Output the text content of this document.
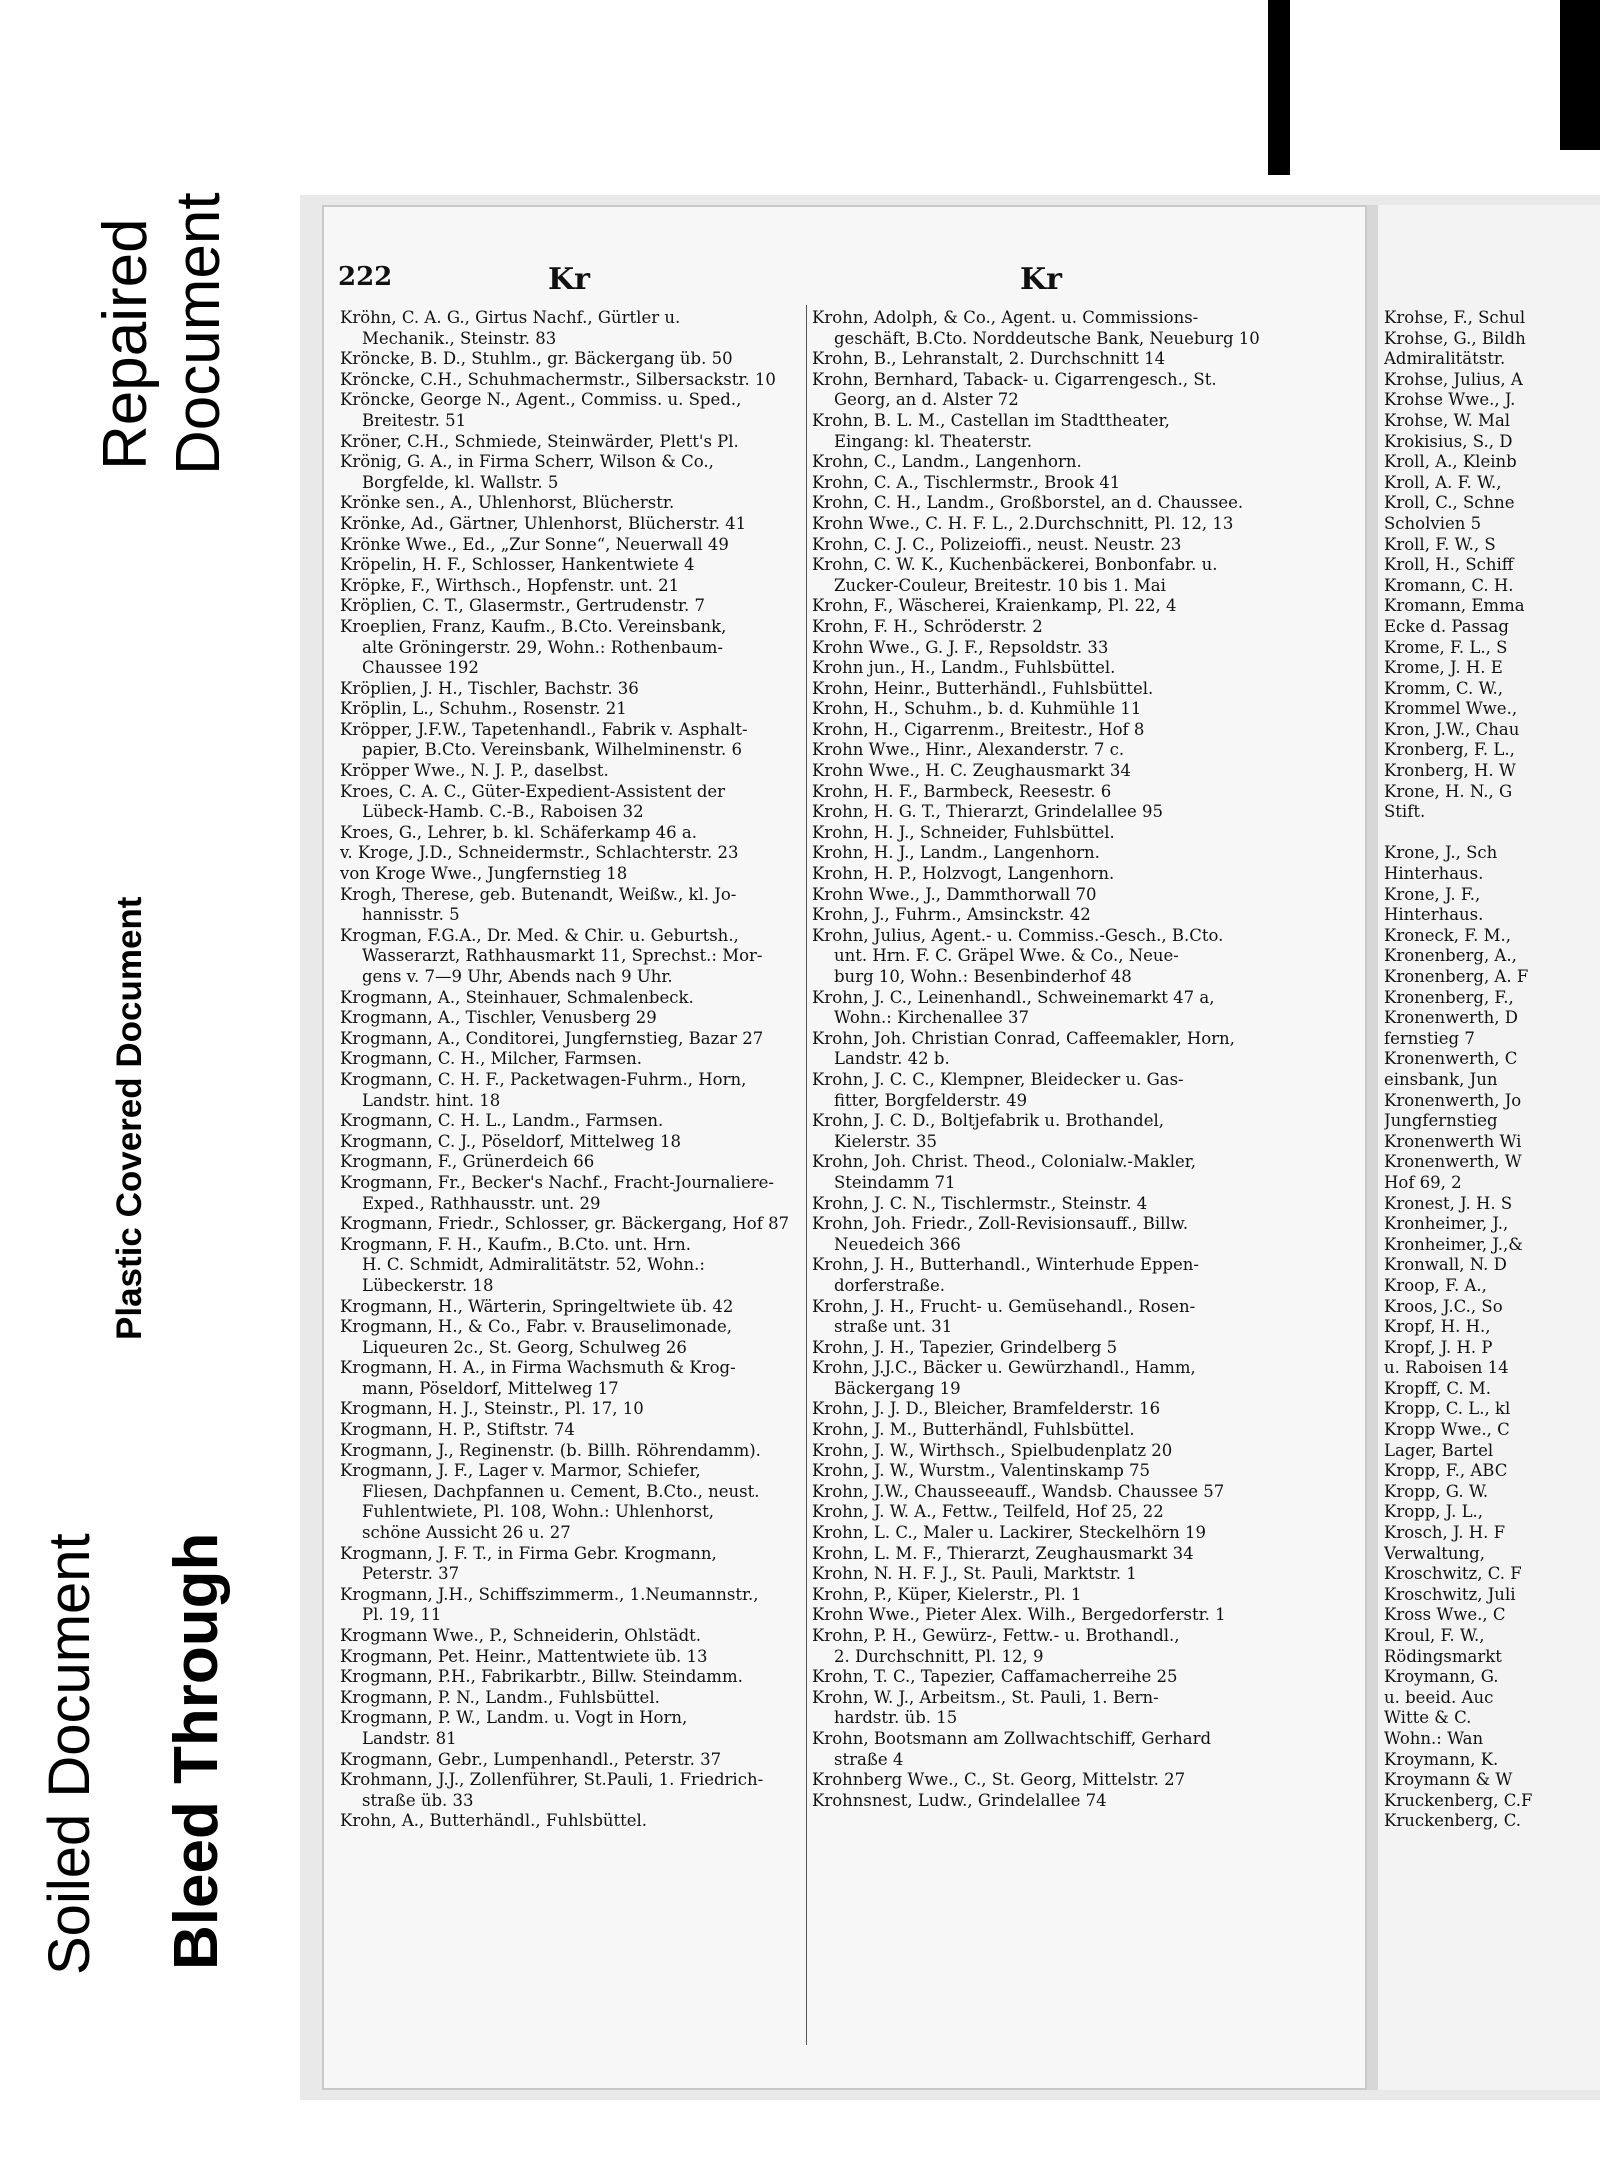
Repaired Document
Plastic Covered Document
Soiled Document Bleed Through
Krohse, F., Schul
Krohse, G., Bildh
Admiralitätstr.
Krohse, Julius, A
Krohse Wwe., J.
Krohse, W. Mal
Krokisius, S., D
Kroll, A., Kleinb
Kroll, A. F. W.,
Kroll, C., Schne
Scholvien 5
Kroll, F. W., S
Kroll, H., Schiff
Kromann, C. H.
Kromann, Emma
Ecke d. Passag
Krome, F. L., S
Krome, J. H. E
Kromm, C. W.,
Krommel Wwe.,
Kron, J.W., Chau
Kronberg, F. L.,
Kronberg, H. W
Krone, H. N., G
Stift.

Krone, J., Sch
Hinterhaus.
Krone, J. F.,
Hinterhaus.
Kroneck, F. M.,
Kronenberg, A.,
Kronenberg, A. F
Kronenberg, F.,
Kronenwerth, D
fernstieg 7
Kronenwerth, C
einsbank, Jun
Kronenwerth, Jo
Jungfernstieg
Kronenwerth Wi
Kronenwerth, W
Hof 69, 2
Kronest, J. H. S
Kronheimer, J.,
Kronheimer, J.,&
Kronwall, N. D
Kroop, F. A.,
Kroos, J.C., So
Kropf, H. H.,
Kropf, J. H. P
u. Raboisen 14
Kropff, C. M.
Kropp, C. L., kl
Kropp Wwe., C
Lager, Bartel
Kropp, F., ABC
Kropp, G. W.
Kropp, J. L.,
Krosch, J. H. F
Verwaltung,
Kroschwitz, C. F
Kroschwitz, Juli
Kross Wwe., C
Kroul, F. W.,
Rödingsmarkt
Kroymann, G.
u. beeid. Auc
Witte & C.
Wohn.: Wan
Kroymann, K.
Kroymann & W
Kruckenberg, C.F
Kruckenberg, C.
222	Kr	Kr
Kröhn, C. A. G., Girtus Nachf., Gürtler u.
Mechanik., Steinstr. 83
Kröncke, B. D., Stuhlm., gr. Bäckergang üb. 50
Kröncke, C.H., Schuhmachermstr., Silbersackstr. 10
Kröncke, George N., Agent., Commiss. u. Sped.,
Breitestr. 51
Kröner, C.H., Schmiede, Steinwärder, Plett's Pl.
Krönig, G. A., in Firma Scherr, Wilson & Co.,
Borgfelde, kl. Wallstr. 5
Krönke sen., A., Uhlenhorst, Blücherstr.
Krönke, Ad., Gärtner, Uhlenhorst, Blücherstr. 41
Krönke Wwe., Ed., „Zur Sonne“, Neuerwall 49
Kröpelin, H. F., Schlosser, Hankentwiete 4
Kröpke, F., Wirthsch., Hopfenstr. unt. 21
Kröplien, C. T., Glasermstr., Gertrudenstr. 7
Kroeplien, Franz, Kaufm., B.Cto. Vereinsbank,
alte Gröningerstr. 29, Wohn.: Rothenbaum-
Chaussee 192
Kröplien, J. H., Tischler, Bachstr. 36
Kröplin, L., Schuhm., Rosenstr. 21
Kröpper, J.F.W., Tapetenhandl., Fabrik v. Asphalt-
papier, B.Cto. Vereinsbank, Wilhelminenstr. 6
Kröpper Wwe., N. J. P., daselbst.
Kroes, C. A. C., Güter-Expedient-Assistent der
Lübeck-Hamb. C.-B., Raboisen 32
Kroes, G., Lehrer, b. kl. Schäferkamp 46 a.
v. Kroge, J.D., Schneidermstr., Schlachterstr. 23
von Kroge Wwe., Jungfernstieg 18
Krogh, Therese, geb. Butenandt, Weißw., kl. Jo-
hannisstr. 5
Krogman, F.G.A., Dr. Med. & Chir. u. Geburtsh.,
Wasserarzt, Rathhausmarkt 11, Sprechst.: Mor-
gens v. 7—9 Uhr, Abends nach 9 Uhr.
Krogmann, A., Steinhauer, Schmalenbeck.
Krogmann, A., Tischler, Venusberg 29
Krogmann, A., Conditorei, Jungfernstieg, Bazar 27
Krogmann, C. H., Milcher, Farmsen.
Krogmann, C. H. F., Packetwagen-Fuhrm., Horn,
Landstr. hint. 18
Krogmann, C. H. L., Landm., Farmsen.
Krogmann, C. J., Pöseldorf, Mittelweg 18
Krogmann, F., Grünerdeich 66
Krogmann, Fr., Becker's Nachf., Fracht-Journaliere-
Exped., Rathhausstr. unt. 29
Krogmann, Friedr., Schlosser, gr. Bäckergang, Hof 87
Krogmann, F. H., Kaufm., B.Cto. unt. Hrn.
H. C. Schmidt, Admiralitätstr. 52, Wohn.:
Lübeckerstr. 18
Krogmann, H., Wärterin, Springeltwiete üb. 42
Krogmann, H., & Co., Fabr. v. Brauselimonade,
Liqueuren 2c., St. Georg, Schulweg 26
Krogmann, H. A., in Firma Wachsmuth & Krog-
mann, Pöseldorf, Mittelweg 17
Krogmann, H. J., Steinstr., Pl. 17, 10
Krogmann, H. P., Stiftstr. 74
Krogmann, J., Reginenstr. (b. Billh. Röhrendamm).
Krogmann, J. F., Lager v. Marmor, Schiefer,
Fliesen, Dachpfannen u. Cement, B.Cto., neust.
Fuhlentwiete, Pl. 108, Wohn.: Uhlenhorst,
schöne Aussicht 26 u. 27
Krogmann, J. F. T., in Firma Gebr. Krogmann,
Peterstr. 37
Krogmann, J.H., Schiffszimmerm., 1.Neumannstr.,
Pl. 19, 11
Krogmann Wwe., P., Schneiderin, Ohlstädt.
Krogmann, Pet. Heinr., Mattentwiete üb. 13
Krogmann, P.H., Fabrikarbtr., Billw. Steindamm.
Krogmann, P. N., Landm., Fuhlsbüttel.
Krogmann, P. W., Landm. u. Vogt in Horn,
Landstr. 81
Krogmann, Gebr., Lumpenhandl., Peterstr. 37
Krohmann, J.J., Zollenführer, St.Pauli, 1. Friedrich-
straße üb. 33
Krohn, A., Butterhändl., Fuhlsbüttel.
Krohn, Adolph, & Co., Agent. u. Commissions-
geschäft, B.Cto. Norddeutsche Bank, Neueburg 10
Krohn, B., Lehranstalt, 2. Durchschnitt 14
Krohn, Bernhard, Taback- u. Cigarrengesch., St.
Georg, an d. Alster 72
Krohn, B. L. M., Castellan im Stadttheater,
Eingang: kl. Theaterstr.
Krohn, C., Landm., Langenhorn.
Krohn, C. A., Tischlermstr., Brook 41
Krohn, C. H., Landm., Großborstel, an d. Chaussee.
Krohn Wwe., C. H. F. L., 2.Durchschnitt, Pl. 12, 13
Krohn, C. J. C., Polizeioffi., neust. Neustr. 23
Krohn, C. W. K., Kuchenbäckerei, Bonbonfabr. u.
Zucker-Couleur, Breitestr. 10 bis 1. Mai
Krohn, F., Wäscherei, Kraienkamp, Pl. 22, 4
Krohn, F. H., Schröderstr. 2
Krohn Wwe., G. J. F., Repsoldstr. 33
Krohn jun., H., Landm., Fuhlsbüttel.
Krohn, Heinr., Butterhändl., Fuhlsbüttel.
Krohn, H., Schuhm., b. d. Kuhmühle 11
Krohn, H., Cigarrenm., Breitestr., Hof 8
Krohn Wwe., Hinr., Alexanderstr. 7 c.
Krohn Wwe., H. C. Zeughausmarkt 34
Krohn, H. F., Barmbeck, Reesestr. 6
Krohn, H. G. T., Thierarzt, Grindelallee 95
Krohn, H. J., Schneider, Fuhlsbüttel.
Krohn, H. J., Landm., Langenhorn.
Krohn, H. P., Holzvogt, Langenhorn.
Krohn Wwe., J., Dammthorwall 70
Krohn, J., Fuhrm., Amsinckstr. 42
Krohn, Julius, Agent.- u. Commiss.-Gesch., B.Cto.
unt. Hrn. F. C. Gräpel Wwe. & Co., Neue-
burg 10, Wohn.: Besenbinderhof 48
Krohn, J. C., Leinenhandl., Schweinemarkt 47 a,
Wohn.: Kirchenallee 37
Krohn, Joh. Christian Conrad, Caffeemakler, Horn,
Landstr. 42 b.
Krohn, J. C. C., Klempner, Bleidecker u. Gas-
fitter, Borgfelderstr. 49
Krohn, J. C. D., Boltjefabrik u. Brothandel,
Kielerstr. 35
Krohn, Joh. Christ. Theod., Colonialw.-Makler,
Steindamm 71
Krohn, J. C. N., Tischlermstr., Steinstr. 4
Krohn, Joh. Friedr., Zoll-Revisionsauff., Billw.
Neuedeich 366
Krohn, J. H., Butterhandl., Winterhude Eppen-
dorferstraße.
Krohn, J. H., Frucht- u. Gemüsehandl., Rosen-
straße unt. 31
Krohn, J. H., Tapezier, Grindelberg 5
Krohn, J.J.C., Bäcker u. Gewürzhandl., Hamm,
Bäckergang 19
Krohn, J. J. D., Bleicher, Bramfelderstr. 16
Krohn, J. M., Butterhändl, Fuhlsbüttel.
Krohn, J. W., Wirthsch., Spielbudenplatz 20
Krohn, J. W., Wurstm., Valentinskamp 75
Krohn, J.W., Chausseeauff., Wandsb. Chaussee 57
Krohn, J. W. A., Fettw., Teilfeld, Hof 25, 22
Krohn, L. C., Maler u. Lackirer, Steckelhörn 19
Krohn, L. M. F., Thierarzt, Zeughausmarkt 34
Krohn, N. H. F. J., St. Pauli, Marktstr. 1
Krohn, P., Küper, Kielerstr., Pl. 1
Krohn Wwe., Pieter Alex. Wilh., Bergedorferstr. 1
Krohn, P. H., Gewürz-, Fettw.- u. Brothandl.,
2. Durchschnitt, Pl. 12, 9
Krohn, T. C., Tapezier, Caffamacherreihe 25
Krohn, W. J., Arbeitsm., St. Pauli, 1. Bern-
hardstr. üb. 15
Krohn, Bootsmann am Zollwachtschiff, Gerhard
straße 4
Krohnberg Wwe., C., St. Georg, Mittelstr. 27
Krohnsnest, Ludw., Grindelallee 74
